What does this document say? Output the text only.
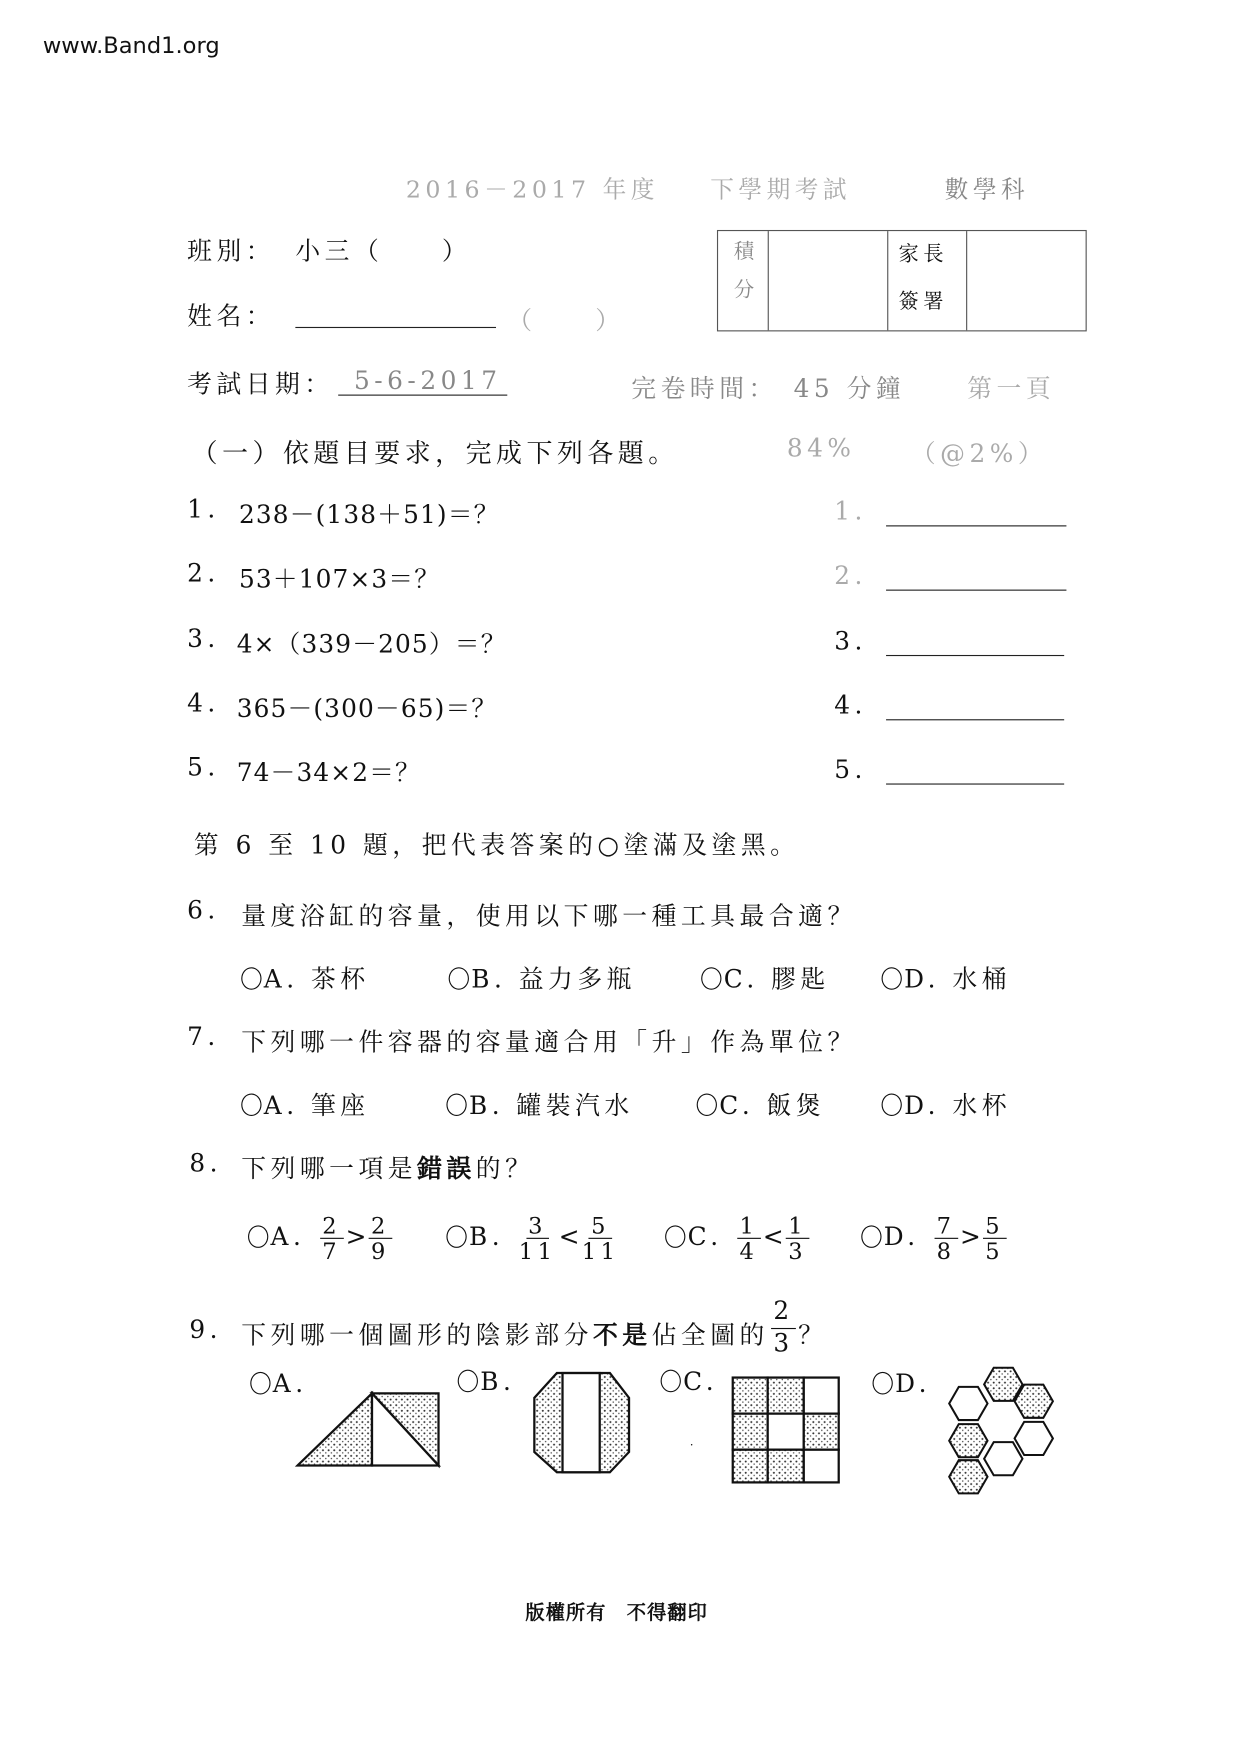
www.Band1.org
2016－2017 年度 下學期考試	數學科
班別： 小三（　　）
姓名：	（　　）
積分	家長
簽署
考試日期： 5-6-2017	完卷時間： 45 分鐘	第一頁
（一）依題目要求，完成下列各題。	84%	（@2%）
1. 238－(138＋51)＝？	1.
2. 53＋107×3＝？	2.
3. 4×（339－205）＝？	3.
4. 365－(300－65)＝？	4.
5. 74－34×2＝？	5.
第 6 至 10 題，把代表答案的○塗滿及塗黑。
6. 量度浴缸的容量，使用以下哪一種工具最合適？
A. 茶杯	B. 益力多瓶	C. 膠匙	D. 水桶
7. 下列哪一件容器的容量適合用「升」作為單位？
A. 筆座	B. 罐裝汽水	C. 飯煲	D. 水杯
8. 下列哪一項是錯誤的？
A. $\frac{2}{7} > \frac{2}{9}$	B. $\frac{3}{11} < \frac{5}{11}$	C. $\frac{1}{4} < \frac{1}{3}$	D. $\frac{7}{8} > \frac{5}{5}$
9. 下列哪一個圖形的陰影部分 不是 佔全圖的 $\frac{2}{3}$ ？
A.	B.	C.	D.
·
版權所有　不得翻印
